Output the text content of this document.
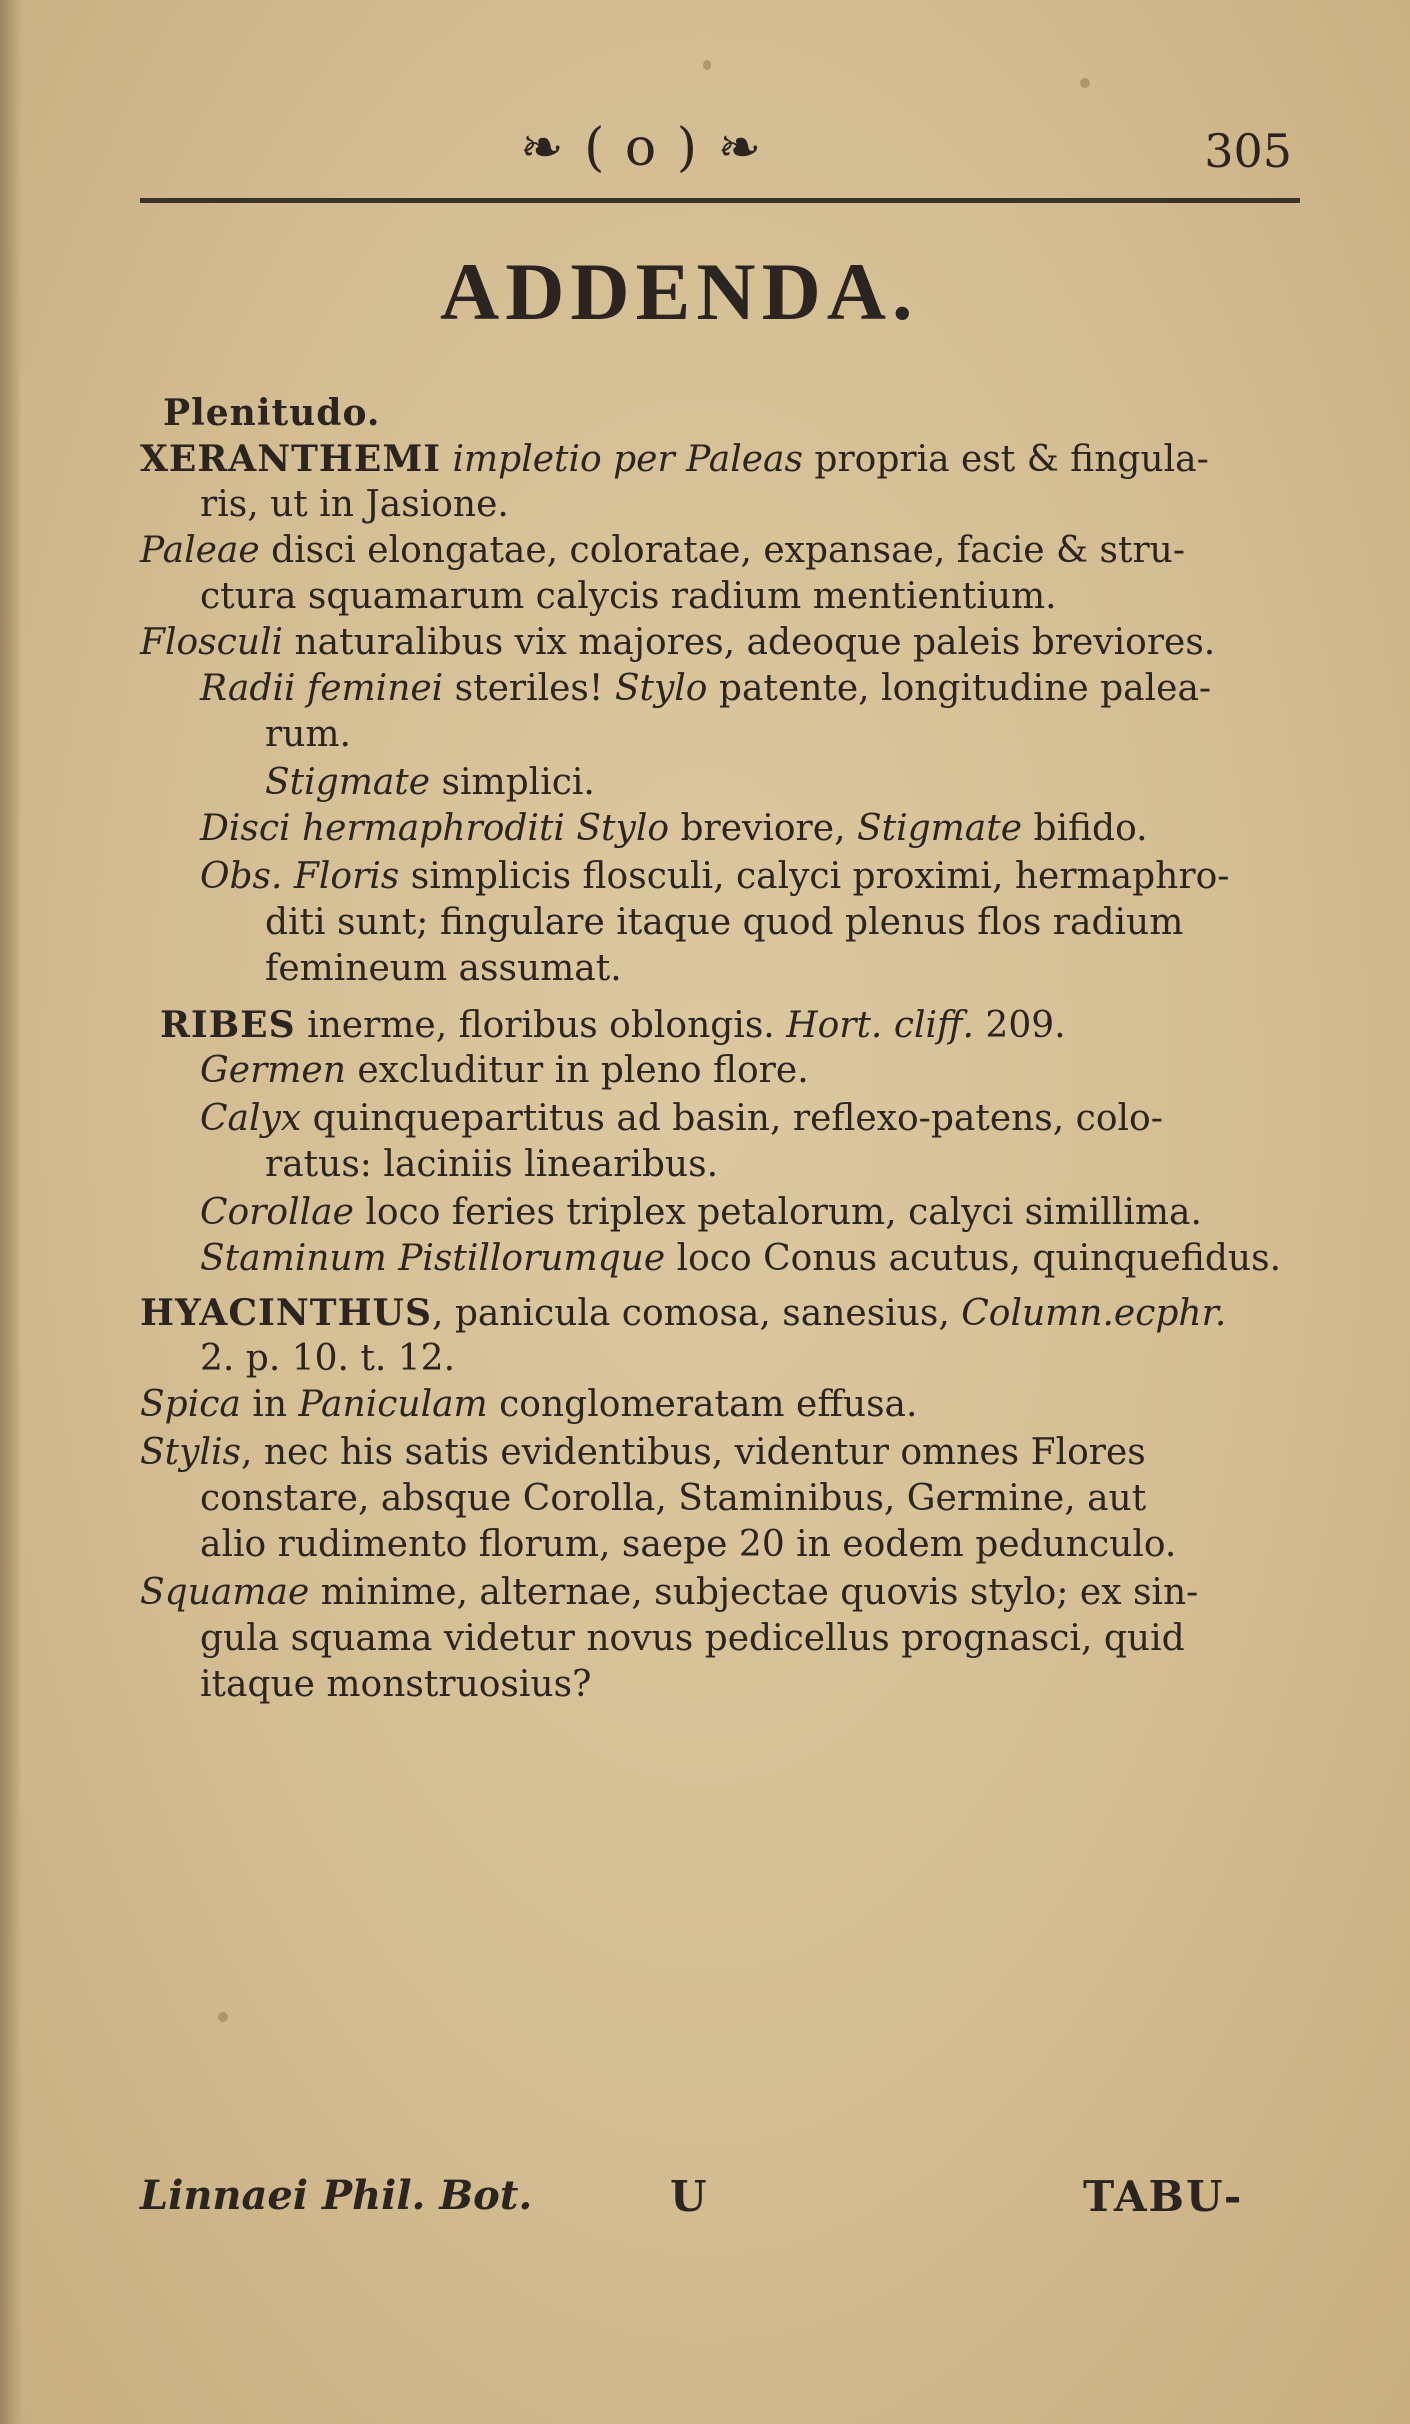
❧ ( o ) ❧	305
ADDENDA.
Plenitudo.
XERANTHEMI impletio per Paleas propria est & fingula-
ris, ut in Jasione.
Paleae disci elongatae, coloratae, expansae, facie & stru-
ctura squamarum calycis radium mentientium.
Flosculi naturalibus vix majores, adeoque paleis breviores.
Radii feminei steriles! Stylo patente, longitudine palea-
rum.
Stigmate simplici.
Disci hermaphroditi Stylo breviore, Stigmate bifido.
Obs. Floris simplicis flosculi, calyci proximi, hermaphro-
diti sunt; fingulare itaque quod plenus flos radium
femineum assumat.
RIBES inerme, floribus oblongis. Hort. cliff. 209.
Germen excluditur in pleno flore.
Calyx quinquepartitus ad basin, reflexo-patens, colo-
ratus: laciniis linearibus.
Corollae loco feries triplex petalorum, calyci simillima.
Staminum Pistillorumque loco Conus acutus, quinquefidus.
HYACINTHUS, panicula comosa, sanesius, Column.ecphr.
2. p. 10. t. 12.
Spica in Paniculam conglomeratam effusa.
Stylis, nec his satis evidentibus, videntur omnes Flores
constare, absque Corolla, Staminibus, Germine, aut
alio rudimento florum, saepe 20 in eodem pedunculo.
Squamae minime, alternae, subjectae quovis stylo; ex sin-
gula squama videtur novus pedicellus prognasci, quid
itaque monstruosius?
Linnaei Phil. Bot.	U	TABU-
